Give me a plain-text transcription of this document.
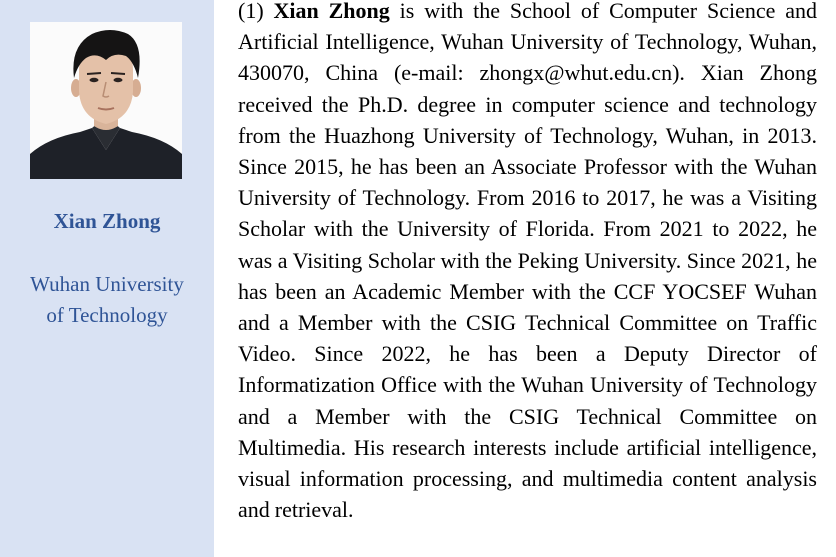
Xian Zhong

Wuhan University
of Technology

(1) Xian Zhong is with the School of Computer Science and Artificial Intelligence, Wuhan University of Technology, Wuhan, 430070, China (e-mail: zhongx@whut.edu.cn). Xian Zhong received the Ph.D. degree in computer science and technology from the Huazhong University of Technology, Wuhan, in 2013. Since 2015, he has been an Associate Professor with the Wuhan University of Technology. From 2016 to 2017, he was a Visiting Scholar with the University of Florida. From 2021 to 2022, he was a Visiting Scholar with the Peking University. Since 2021, he has been an Academic Member with the CCF YOCSEF Wuhan and a Member with the CSIG Technical Committee on Traffic Video. Since 2022, he has been a Deputy Director of Informatization Office with the Wuhan University of Technology and a Member with the CSIG Technical Committee on Multimedia. His research interests include artificial intelligence, visual information processing, and multimedia content analysis and retrieval.
